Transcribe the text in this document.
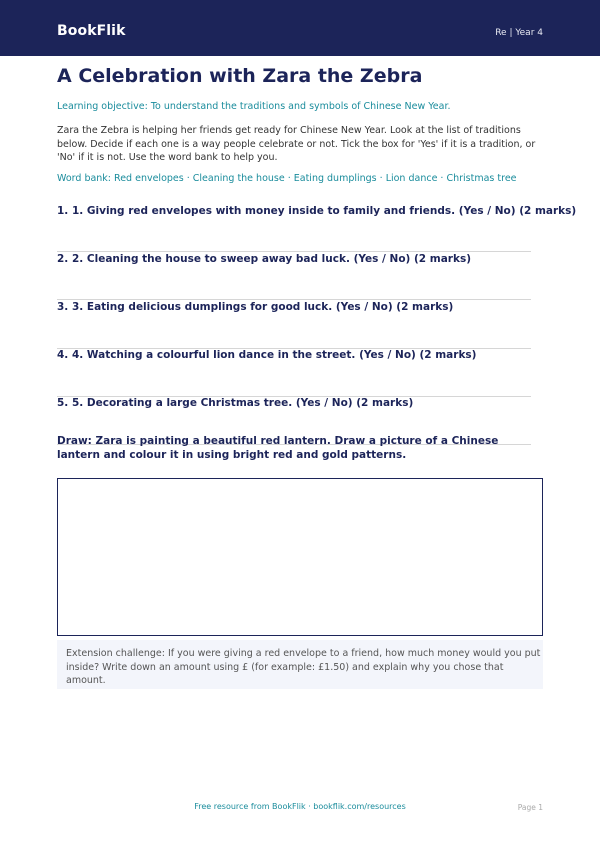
BookFlik	Re | Year 4
A Celebration with Zara the Zebra
Learning objective: To understand the traditions and symbols of Chinese New Year.
Zara the Zebra is helping her friends get ready for Chinese New Year. Look at the list of traditions below. Decide if each one is a way people celebrate or not. Tick the box for 'Yes' if it is a tradition, or 'No' if it is not. Use the word bank to help you.
Word bank: Red envelopes · Cleaning the house · Eating dumplings · Lion dance · Christmas tree
1. 1. Giving red envelopes with money inside to family and friends. (Yes / No) (2 marks)
2. 2. Cleaning the house to sweep away bad luck. (Yes / No) (2 marks)
3. 3. Eating delicious dumplings for good luck. (Yes / No) (2 marks)
4. 4. Watching a colourful lion dance in the street. (Yes / No) (2 marks)
5. 5. Decorating a large Christmas tree. (Yes / No) (2 marks)
Draw: Zara is painting a beautiful red lantern. Draw a picture of a Chinese lantern and colour it in using bright red and gold patterns.
Extension challenge: If you were giving a red envelope to a friend, how much money would you put inside? Write down an amount using £ (for example: £1.50) and explain why you chose that amount.
Free resource from BookFlik · bookflik.com/resources	Page 1
